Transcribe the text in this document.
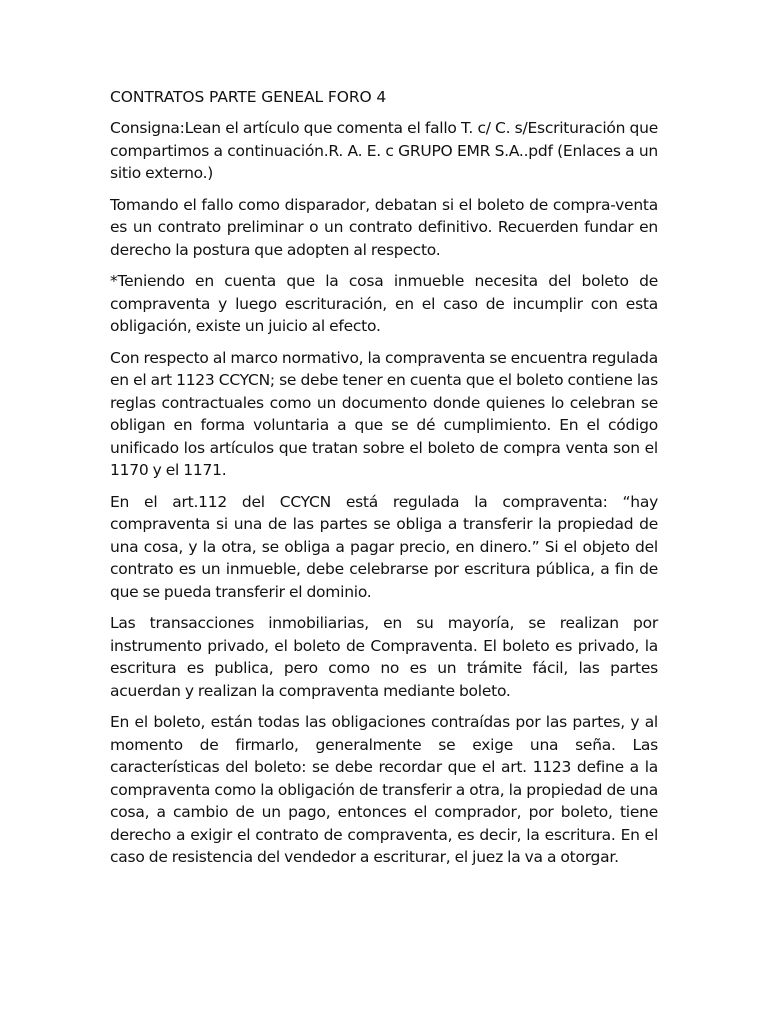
CONTRATOS PARTE GENEAL FORO 4

Consigna:Lean el artículo que comenta el fallo T. c/ C. s/Escrituración que compartimos a continuación.R. A. E. c GRUPO EMR S.A..pdf (Enlaces a un sitio externo.)

Tomando el fallo como disparador, debatan si el boleto de compra-venta es un contrato preliminar o un contrato definitivo. Recuerden fundar en derecho la postura que adopten al respecto.

*Teniendo en cuenta que la cosa inmueble necesita del boleto de compraventa y luego escrituración, en el caso de incumplir con esta obligación, existe un juicio al efecto.

Con respecto al marco normativo, la compraventa se encuentra regulada en el art 1123 CCYCN; se debe tener en cuenta que el boleto contiene las reglas contractuales como un documento donde quienes lo celebran se obligan en forma voluntaria a que se dé cumplimiento. En el código unificado los artículos que tratan sobre el boleto de compra venta son el 1170 y el 1171.

En el art.112 del CCYCN está regulada la compraventa: “hay compraventa si una de las partes se obliga a transferir la propiedad de una cosa, y la otra, se obliga a pagar precio, en dinero.” Si el objeto del contrato es un inmueble, debe celebrarse por escritura pública, a fin de que se pueda transferir el dominio.

Las transacciones inmobiliarias, en su mayoría, se realizan por instrumento privado, el boleto de Compraventa. El boleto es privado, la escritura es publica, pero como no es un trámite fácil, las partes acuerdan y realizan la compraventa mediante boleto.

En el boleto, están todas las obligaciones contraídas por las partes, y al momento de firmarlo, generalmente se exige una seña. Las características del boleto: se debe recordar que el art. 1123 define a la compraventa como la obligación de transferir a otra, la propiedad de una cosa, a cambio de un pago, entonces el comprador, por boleto, tiene derecho a exigir el contrato de compraventa, es decir, la escritura. En el caso de resistencia del vendedor a escriturar, el juez la va a otorgar.
